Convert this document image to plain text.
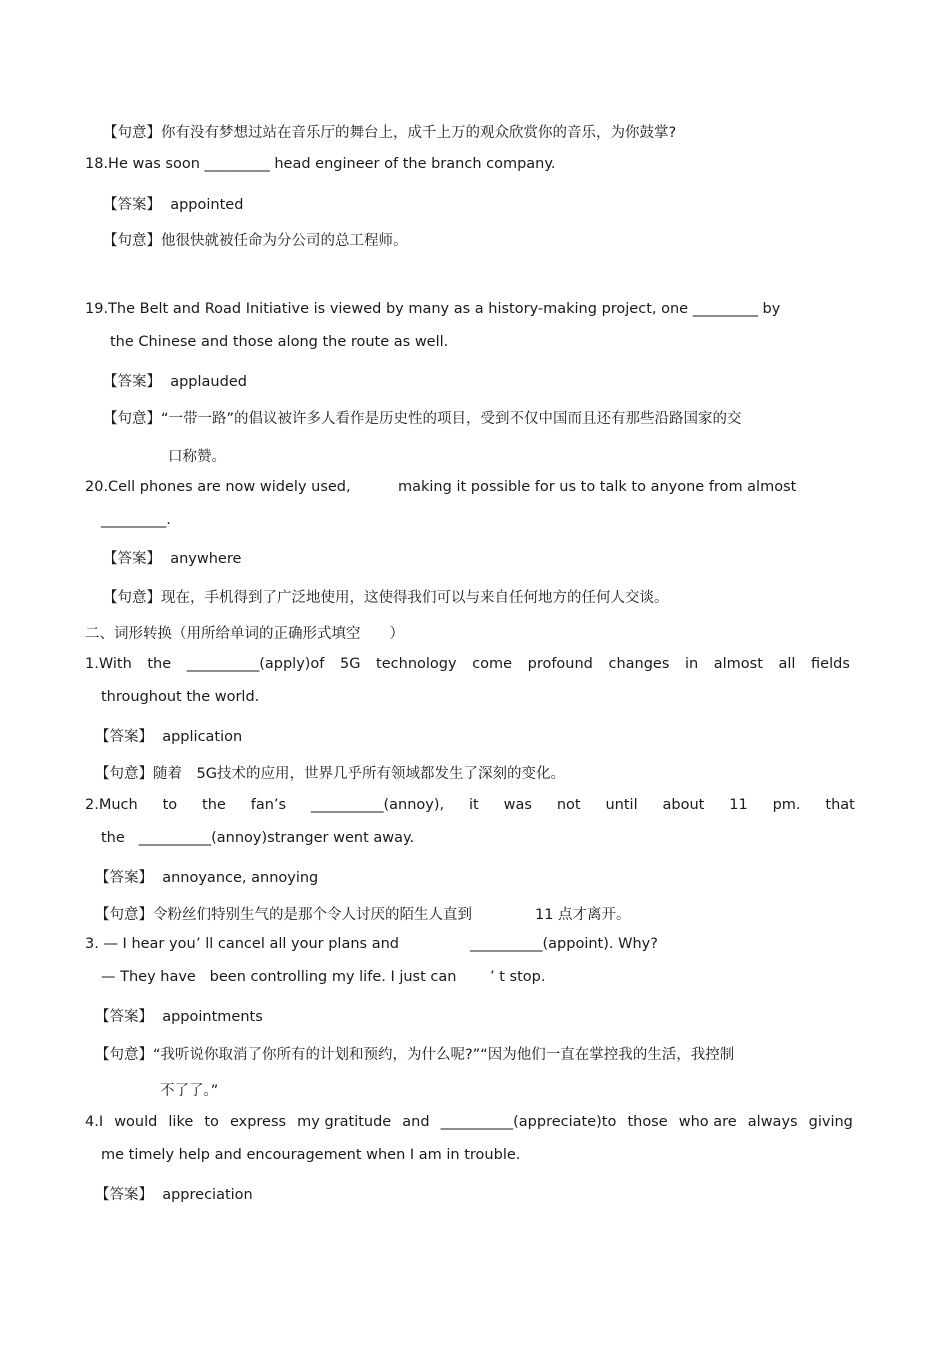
【句意】你有没有梦想过站在音乐厅的舞台上，成千上万的观众欣赏你的音乐，为你鼓掌?
18.He was soon _________ head engineer of the branch company.
【答案】  appointed
【句意】他很快就被任命为分公司的总工程师。
19.The Belt and Road Initiative is viewed by many as a history-making project, one _________ by
the Chinese and those along the route as well.
【答案】  applauded
【句意】“一带一路”的倡议被许多人看作是历史性的项目，受到不仅中国而且还有那些沿路国家的交
口称赞。
20.Cell phones are now widely used,	making it possible for us to talk to anyone from almost
_________.
【答案】  anywhere
【句意】现在，手机得到了广泛地使用，这使得我们可以与来自任何地方的任何人交谈。
二、词形转换（用所给单词的正确形式填空　　）
1.With the __________(apply)of 5G technology come profound changes in almost all fields
throughout the world.
【答案】  application
【句意】随着　5G技术的应用，世界几乎所有领域都发生了深刻的变化。
2.Much to the fan’s __________(annoy), it was not until about 11 pm. that
the   __________(annoy)stranger went away.
【答案】  annoyance, annoying
【句意】令粉丝们特别生气的是那个令人讨厌的陌生人直到	11 点才离开。
3. — I hear you ’ ll cancel all your plans and	__________(appoint). Why?
— They have   been controlling my life. I just can ’ t stop.
【答案】  appointments
【句意】“我听说你取消了你所有的计划和预约，为什么呢?”“因为他们一直在掌控我的生活，我控制
不了了。”
4.I would like to express my gratitude and __________(appreciate)to those who are always giving
me timely help and encouragement when I am in trouble.
【答案】  appreciation
